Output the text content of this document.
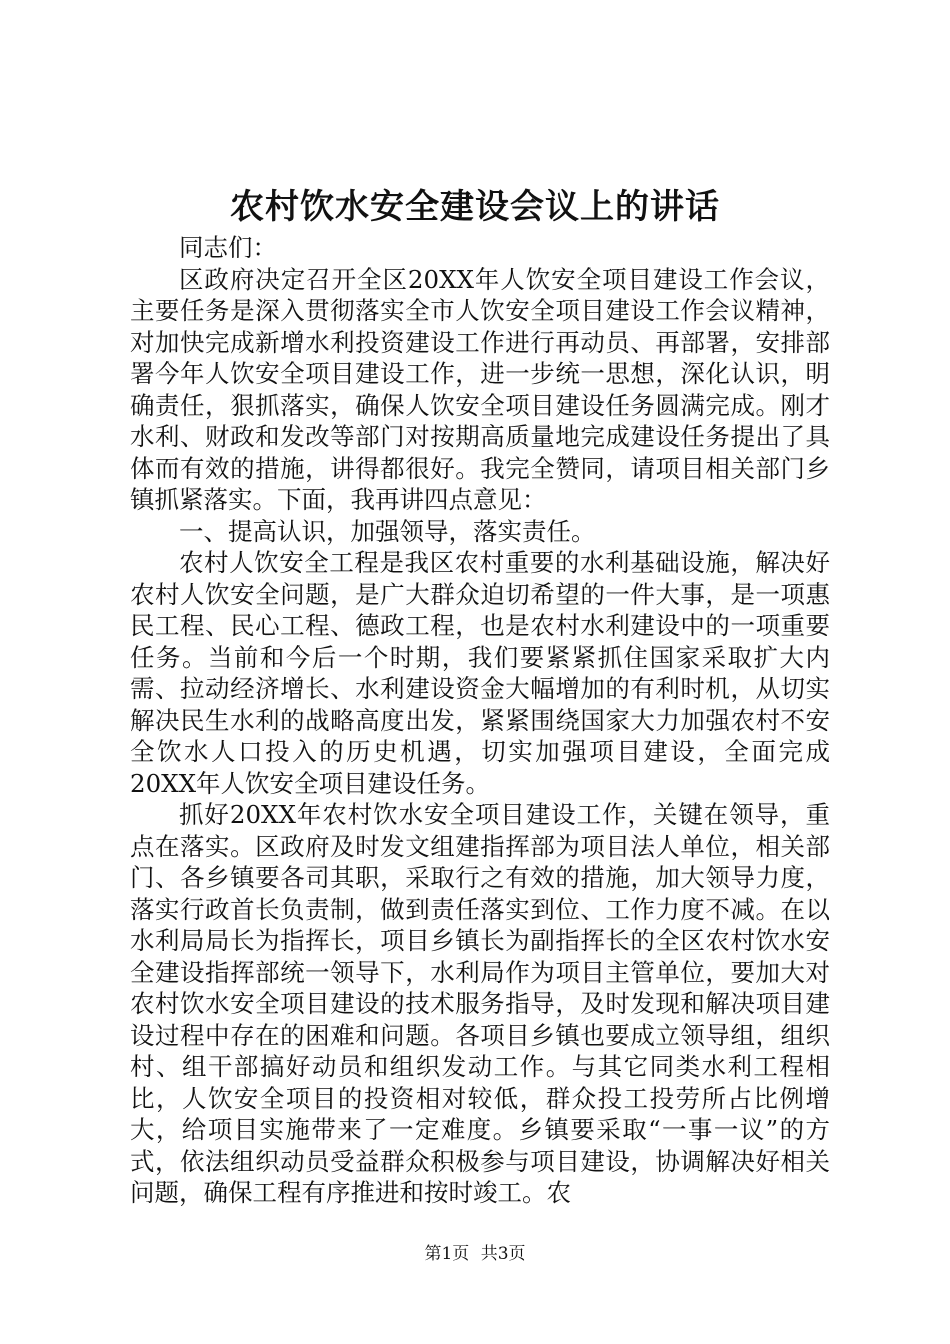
农村饮水安全建设会议上的讲话

同志们：

区政府决定召开全区20XX年人饮安全项目建设工作会议，主要任务是深入贯彻落实全市人饮安全项目建设工作会议精神，对加快完成新增水利投资建设工作进行再动员、再部署，安排部署今年人饮安全项目建设工作，进一步统一思想，深化认识，明确责任，狠抓落实，确保人饮安全项目建设任务圆满完成。刚才水利、财政和发改等部门对按期高质量地完成建设任务提出了具体而有效的措施，讲得都很好。我完全赞同，请项目相关部门乡镇抓紧落实。下面，我再讲四点意见：

一、提高认识，加强领导，落实责任。

农村人饮安全工程是我区农村重要的水利基础设施，解决好农村人饮安全问题，是广大群众迫切希望的一件大事，是一项惠民工程、民心工程、德政工程，也是农村水利建设中的一项重要任务。当前和今后一个时期，我们要紧紧抓住国家采取扩大内需、拉动经济增长、水利建设资金大幅增加的有利时机，从切实解决民生水利的战略高度出发，紧紧围绕国家大力加强农村不安全饮水人口投入的历史机遇，切实加强项目建设，全面完成20XX年人饮安全项目建设任务。

抓好20XX年农村饮水安全项目建设工作，关键在领导，重点在落实。区政府及时发文组建指挥部为项目法人单位，相关部门、各乡镇要各司其职，采取行之有效的措施，加大领导力度，落实行政首长负责制，做到责任落实到位、工作力度不减。在以水利局局长为指挥长，项目乡镇长为副指挥长的全区农村饮水安全建设指挥部统一领导下，水利局作为项目主管单位，要加大对农村饮水安全项目建设的技术服务指导，及时发现和解决项目建设过程中存在的困难和问题。各项目乡镇也要成立领导组，组织村、组干部搞好动员和组织发动工作。与其它同类水利工程相比，人饮安全项目的投资相对较低，群众投工投劳所占比例增大，给项目实施带来了一定难度。乡镇要采取“一事一议”的方式，依法组织动员受益群众积极参与项目建设，协调解决好相关问题，确保工程有序推进和按时竣工。农

第1页 共3页
